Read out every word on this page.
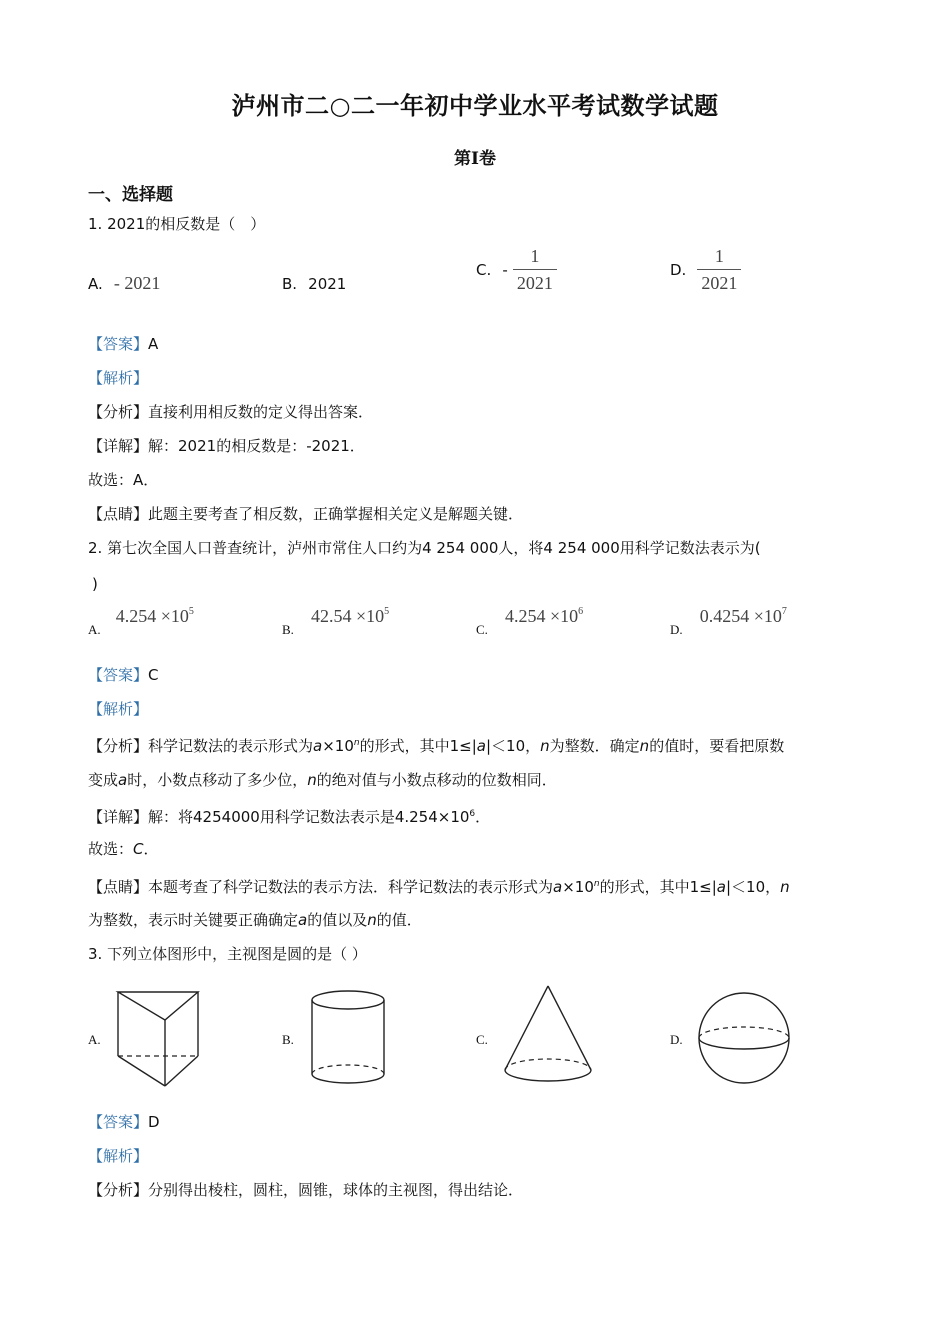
泸州市二○二一年初中学业水平考试数学试题
第Ⅰ卷
一、选择题
1. 2021的相反数是（　）
A. - 2021	B. 2021
C. - $\frac{1}{2021}$	D. $\frac{1}{2021}$
【答案】A
【解析】
【分析】直接利用相反数的定义得出答案．
【详解】解：2021的相反数是：-2021．
故选：A．
【点睛】此题主要考查了相反数，正确掌握相关定义是解题关键．
2. 第七次全国人口普查统计，泸州市常住人口约为4 254 000人，将4 254 000用科学记数法表示为(
)
$_{A.}$ $4.254 \times 10^5$
$_{B.}$ $42.54 \times 10^5$
$_{C.}$ $4.254 \times 10^6$
$_{D.}$ $0.4254 \times 10^7$
【答案】C
【解析】
【分析】科学记数法的表示形式为$a\times 10^n$的形式，其中1≤|a|＜10，n为整数．确定n的值时，要看把原数
变成a时，小数点移动了多少位，n的绝对值与小数点移动的位数相同．
【详解】解：将4254000用科学记数法表示是$4.254\times 10^6$．
故选：C．
【点睛】本题考查了科学记数法的表示方法．科学记数法的表示形式为$a\times 10^n$的形式，其中1≤|a|＜10，n
为整数，表示时关键要正确确定a的值以及n的值．
3. 下列立体图形中，主视图是圆的是（ ）
A.	B.	C.	D.
【答案】D
【解析】
【分析】分别得出棱柱，圆柱，圆锥，球体的主视图，得出结论．
